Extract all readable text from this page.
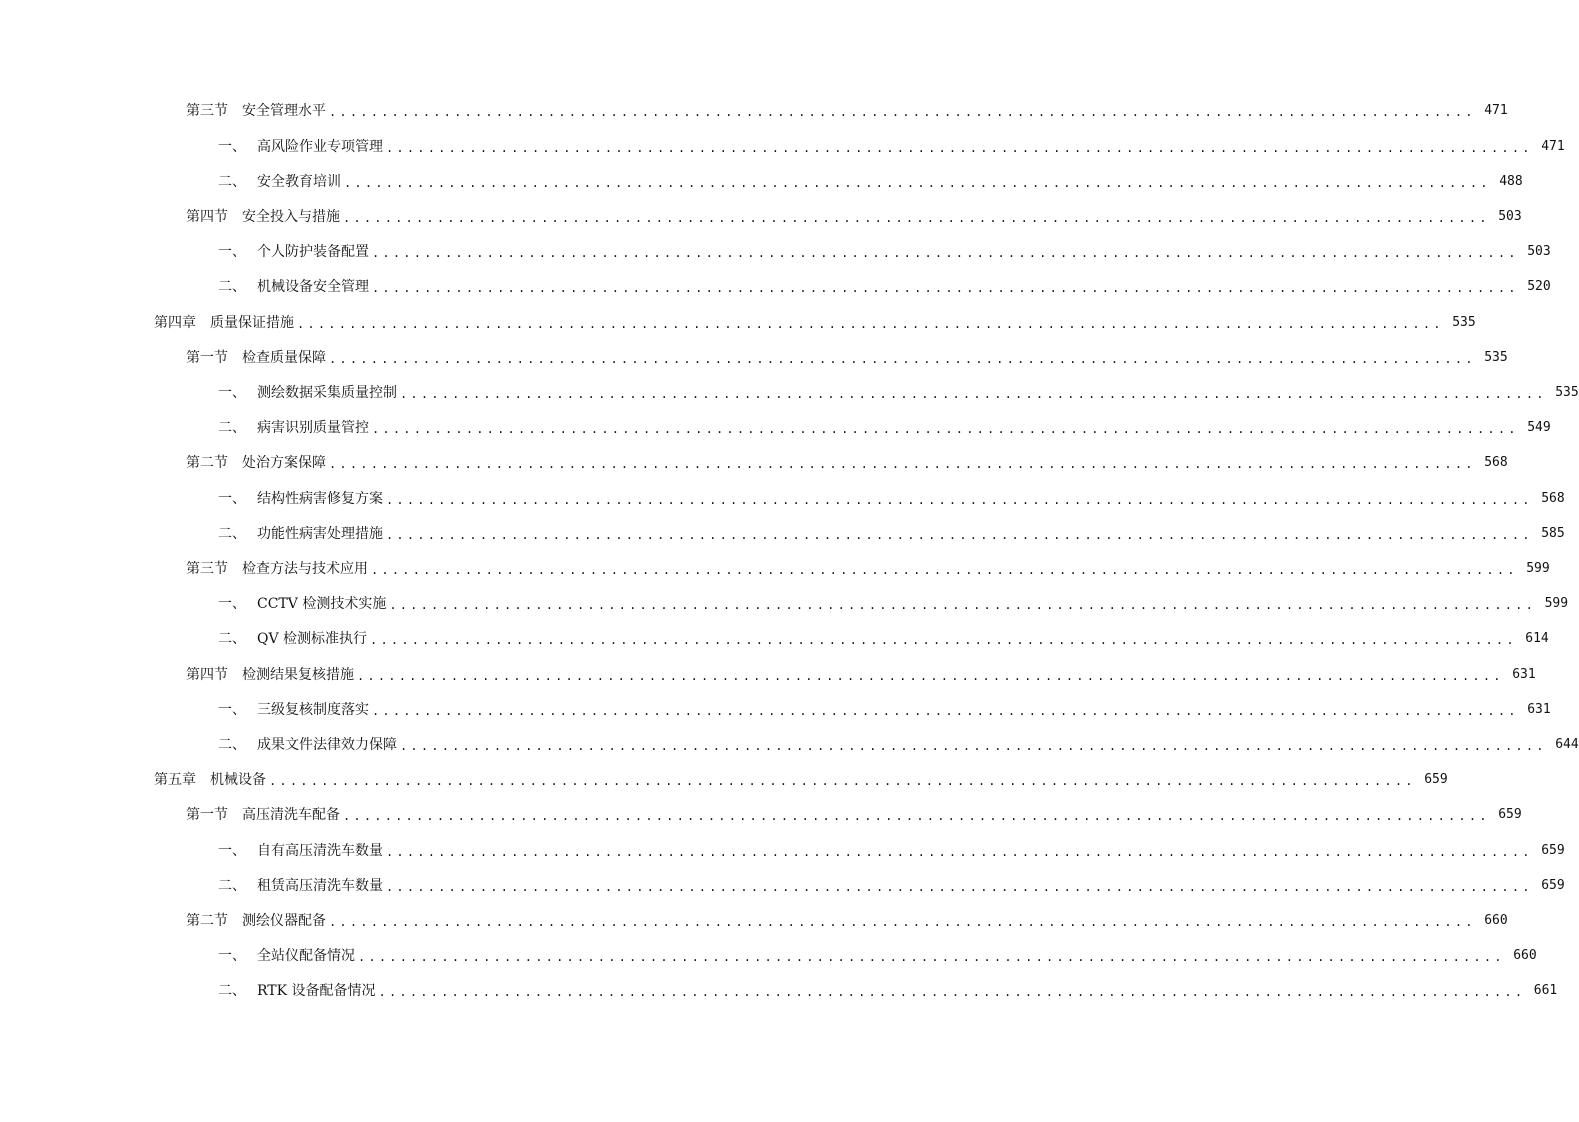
第三节	安全管理水平 .............................................................................................................. 471
一、 高风险作业专项管理 .............................................................................................................. 471
二、 安全教育培训 .............................................................................................................. 488
第四节	安全投入与措施 .............................................................................................................. 503
一、 个人防护装备配置 .............................................................................................................. 503
二、 机械设备安全管理 .............................................................................................................. 520
第四章	质量保证措施 .............................................................................................................. 535
第一节	检查质量保障 .............................................................................................................. 535
一、 测绘数据采集质量控制 .............................................................................................................. 535
二、 病害识别质量管控 .............................................................................................................. 549
第二节	处治方案保障 .............................................................................................................. 568
一、 结构性病害修复方案 .............................................................................................................. 568
二、 功能性病害处理措施 .............................................................................................................. 585
第三节	检查方法与技术应用 .............................................................................................................. 599
一、 CCTV 检测技术实施 .............................................................................................................. 599
二、 QV 检测标准执行 .............................................................................................................. 614
第四节	检测结果复核措施 .............................................................................................................. 631
一、 三级复核制度落实 .............................................................................................................. 631
二、 成果文件法律效力保障 .............................................................................................................. 644
第五章	机械设备 .............................................................................................................. 659
第一节	高压清洗车配备 .............................................................................................................. 659
一、 自有高压清洗车数量 .............................................................................................................. 659
二、 租赁高压清洗车数量 .............................................................................................................. 659
第二节	测绘仪器配备 .............................................................................................................. 660
一、 全站仪配备情况 .............................................................................................................. 660
二、 RTK 设备配备情况 .............................................................................................................. 661
